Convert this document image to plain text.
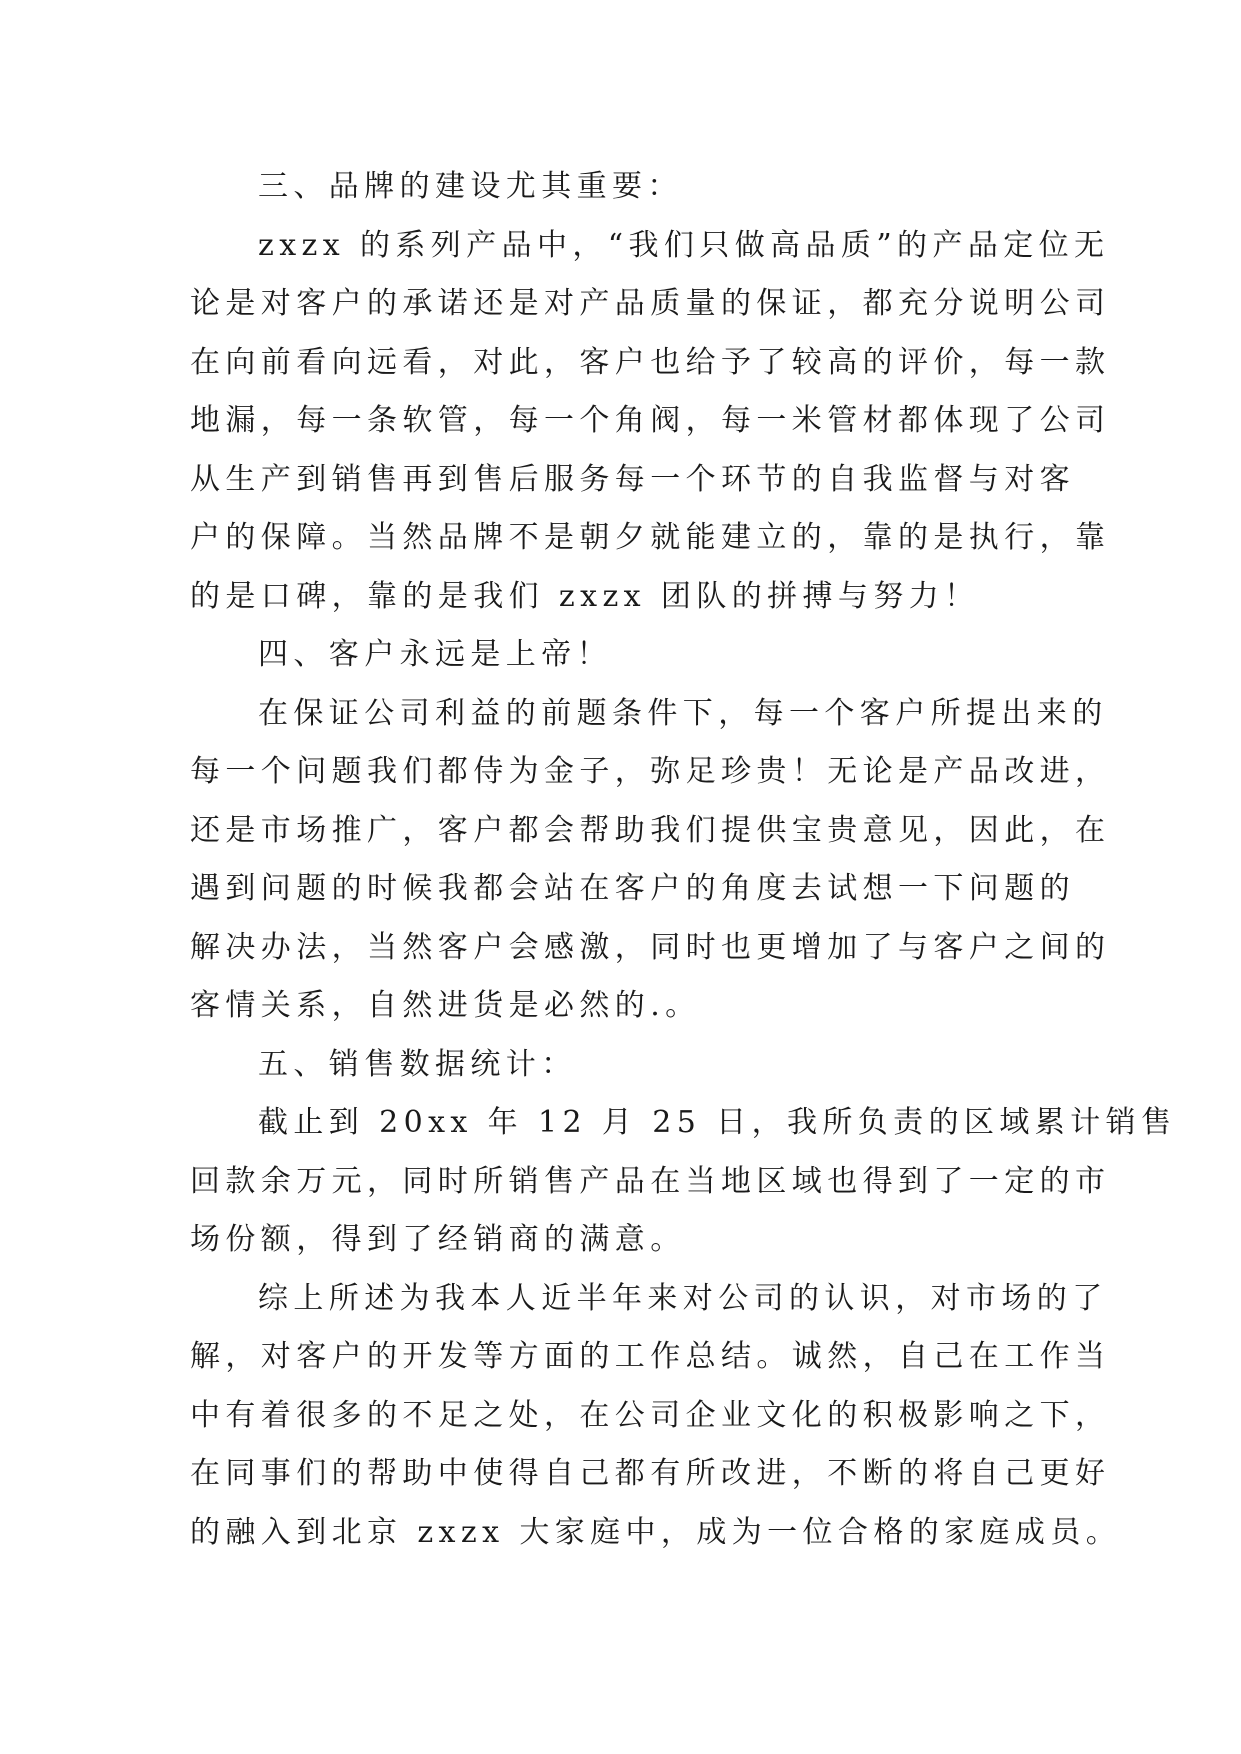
三、品牌的建设尤其重要：
zxzx 的系列产品中，“我们只做高品质”的产品定位无
论是对客户的承诺还是对产品质量的保证，都充分说明公司
在向前看向远看，对此，客户也给予了较高的评价，每一款
地漏，每一条软管，每一个角阀，每一米管材都体现了公司
从生产到销售再到售后服务每一个环节的自我监督与对客
户的保障。当然品牌不是朝夕就能建立的，靠的是执行，靠
的是口碑，靠的是我们 zxzx 团队的拼搏与努力！
四、客户永远是上帝！
在保证公司利益的前题条件下，每一个客户所提出来的
每一个问题我们都侍为金子，弥足珍贵！无论是产品改进，
还是市场推广，客户都会帮助我们提供宝贵意见，因此，在
遇到问题的时候我都会站在客户的角度去试想一下问题的
解决办法，当然客户会感激，同时也更增加了与客户之间的
客情关系，自然进货是必然的.。
五、销售数据统计：
截止到 20xx 年 12 月 25 日，我所负责的区域累计销售
回款余万元，同时所销售产品在当地区域也得到了一定的市
场份额，得到了经销商的满意。
综上所述为我本人近半年来对公司的认识，对市场的了
解，对客户的开发等方面的工作总结。诚然，自己在工作当
中有着很多的不足之处，在公司企业文化的积极影响之下，
在同事们的帮助中使得自己都有所改进，不断的将自己更好
的融入到北京 zxzx 大家庭中，成为一位合格的家庭成员。
